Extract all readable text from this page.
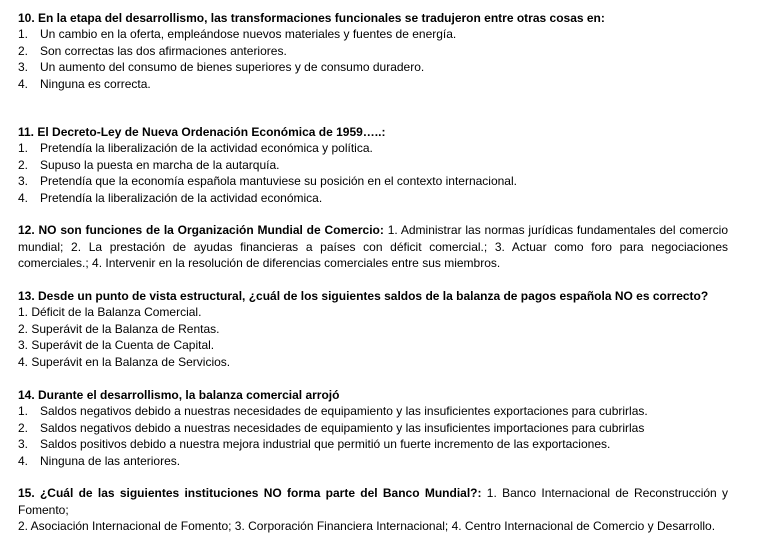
10. En la etapa del desarrollismo, las transformaciones funcionales se tradujeron entre otras cosas en:

1. Un cambio en la oferta, empleándose nuevos materiales y fuentes de energía.
2. Son correctas las dos afirmaciones anteriores.
3. Un aumento del consumo de bienes superiores y de consumo duradero.
4. Ninguna es correcta.

11. El Decreto-Ley de Nueva Ordenación Económica de 1959…..:

1. Pretendía la liberalización de la actividad económica y política.
2. Supuso la puesta en marcha de la autarquía.
3. Pretendía que la economía española mantuviese su posición en el contexto internacional.
4. Pretendía la liberalización de la actividad económica.

12. NO son funciones de la Organización Mundial de Comercio: 1. Administrar las normas jurídicas fundamentales del comercio mundial; 2. La prestación de ayudas financieras a países con déficit comercial.; 3. Actuar como foro para negociaciones comerciales.; 4. Intervenir en la resolución de diferencias comerciales entre sus miembros.

13. Desde un punto de vista estructural, ¿cuál de los siguientes saldos de la balanza de pagos española NO es correcto?

1. Déficit de la Balanza Comercial.
2. Superávit de la Balanza de Rentas.
3. Superávit de la Cuenta de Capital.
4. Superávit en la Balanza de Servicios.

14. Durante el desarrollismo, la balanza comercial arrojó

1. Saldos negativos debido a nuestras necesidades de equipamiento y las insuficientes exportaciones para cubrirlas.
2. Saldos negativos debido a nuestras necesidades de equipamiento y las insuficientes importaciones para cubrirlas
3. Saldos positivos debido a nuestra mejora industrial que permitió un fuerte incremento de las exportaciones.
4. Ninguna de las anteriores.

15. ¿Cuál de las siguientes instituciones NO forma parte del Banco Mundial?: 1. Banco Internacional de Reconstrucción y Fomento;

2. Asociación Internacional de Fomento; 3. Corporación Financiera Internacional; 4. Centro Internacional de Comercio y Desarrollo.
